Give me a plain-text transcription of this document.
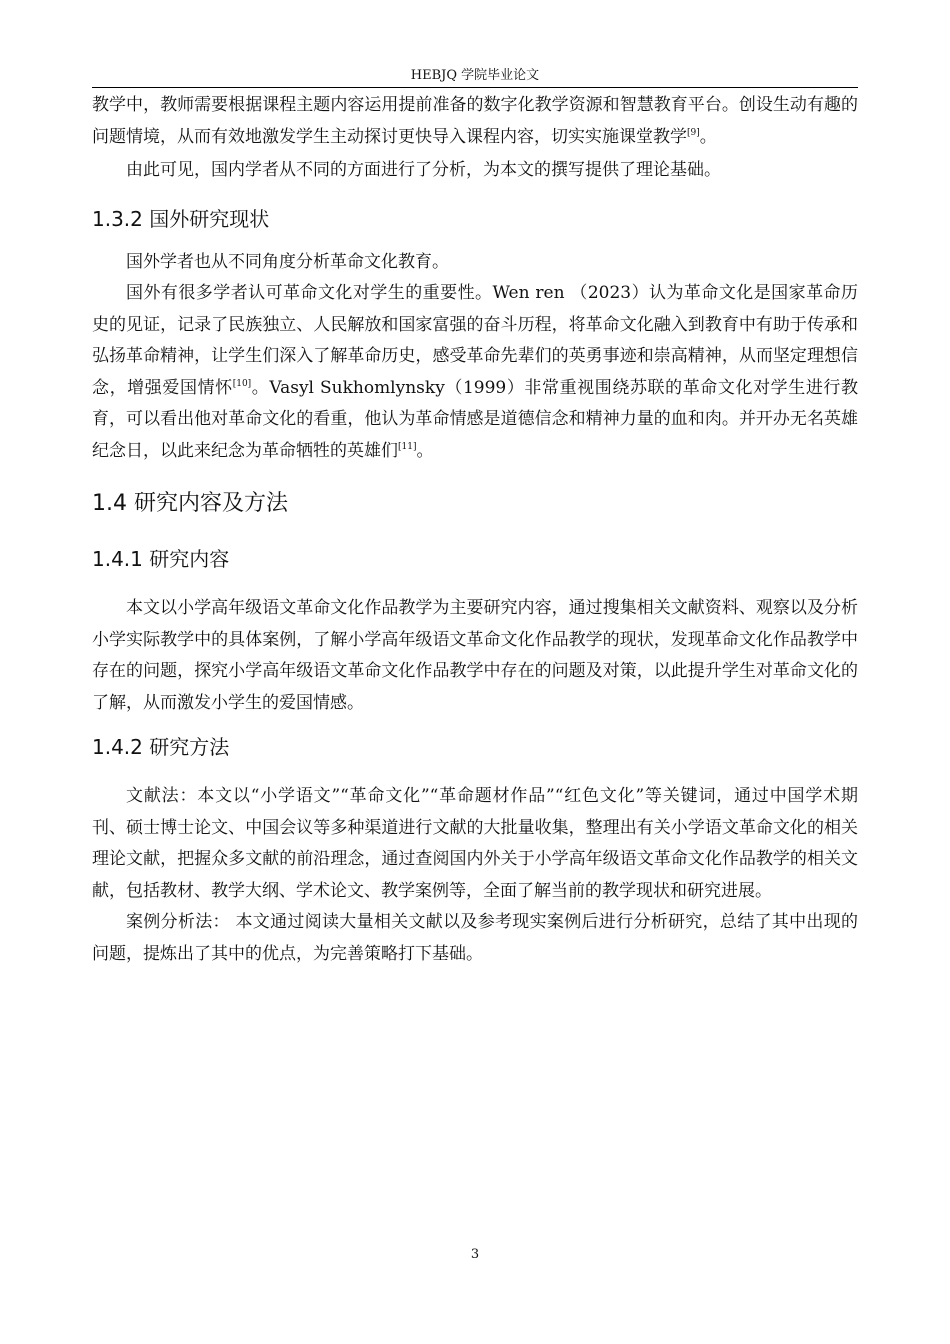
HEBJQ 学院毕业论文

教学中，教师需要根据课程主题内容运用提前准备的数字化教学资源和智慧教育平台。创设生动有趣的问题情境，从而有效地激发学生主动探讨更快导入课程内容，切实实施课堂教学[9]。

由此可见，国内学者从不同的方面进行了分析，为本文的撰写提供了理论基础。

1.3.2 国外研究现状

国外学者也从不同角度分析革命文化教育。

国外有很多学者认可革命文化对学生的重要性。Wen ren （2023）认为革命文化是国家革命历史的见证，记录了民族独立、人民解放和国家富强的奋斗历程，将革命文化融入到教育中有助于传承和弘扬革命精神，让学生们深入了解革命历史，感受革命先辈们的英勇事迹和崇高精神，从而坚定理想信念，增强爱国情怀[10]。Vasyl Sukhomlynsky（1999）非常重视围绕苏联的革命文化对学生进行教育，可以看出他对革命文化的看重，他认为革命情感是道德信念和精神力量的血和肉。并开办无名英雄纪念日，以此来纪念为革命牺牲的英雄们[11]。

1.4 研究内容及方法
1.4.1 研究内容

本文以小学高年级语文革命文化作品教学为主要研究内容，通过搜集相关文献资料、观察以及分析小学实际教学中的具体案例，了解小学高年级语文革命文化作品教学的现状，发现革命文化作品教学中存在的问题，探究小学高年级语文革命文化作品教学中存在的问题及对策，以此提升学生对革命文化的了解，从而激发小学生的爱国情感。

1.4.2 研究方法

文献法：本文以“小学语文”“革命文化”“革命题材作品”“红色文化”等关键词，通过中国学术期刊、硕士博士论文、中国会议等多种渠道进行文献的大批量收集，整理出有关小学语文革命文化的相关理论文献，把握众多文献的前沿理念，通过查阅国内外关于小学高年级语文革命文化作品教学的相关文献，包括教材、教学大纲、学术论文、教学案例等，全面了解当前的教学现状和研究进展。

案例分析法： 本文通过阅读大量相关文献以及参考现实案例后进行分析研究，总结了其中出现的问题，提炼出了其中的优点，为完善策略打下基础。

3
